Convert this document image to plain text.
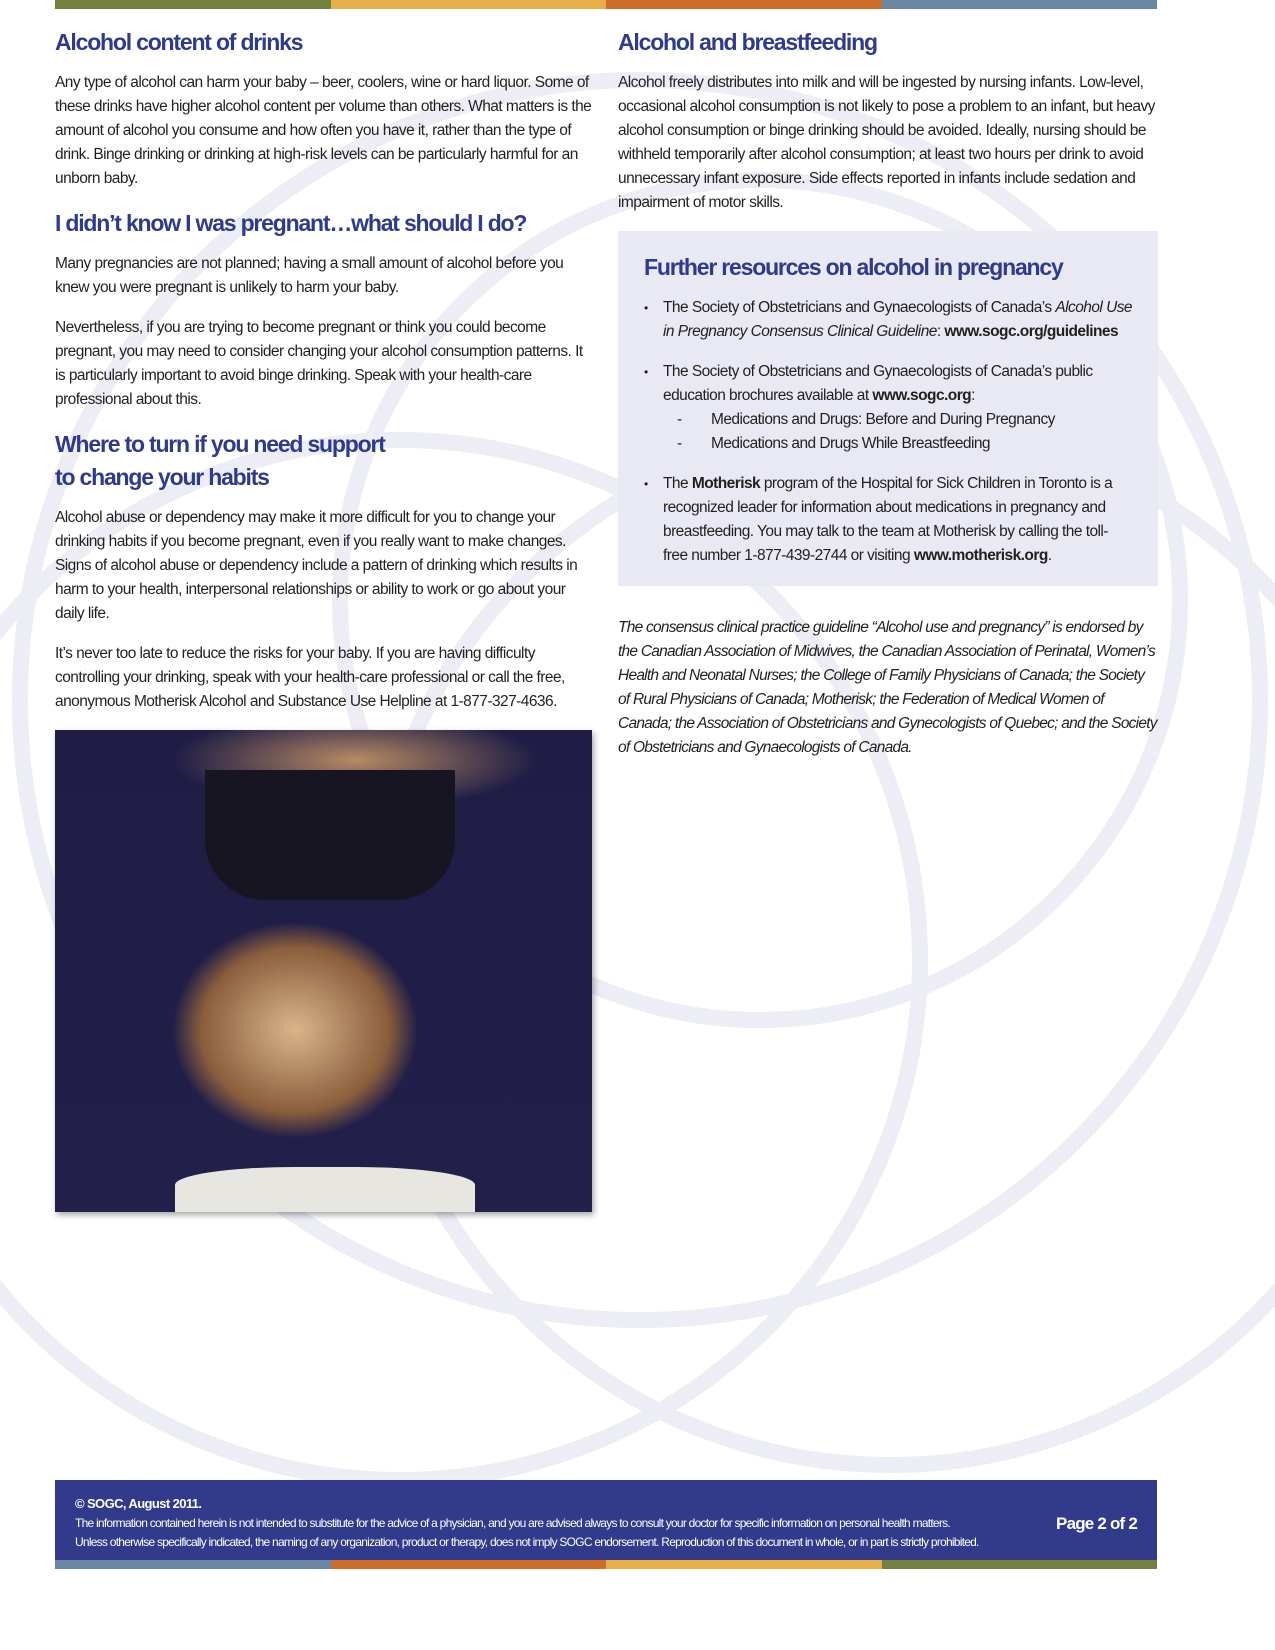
Alcohol content of drinks

Any type of alcohol can harm your baby – beer, coolers, wine or hard liquor. Some of these drinks have higher alcohol content per volume than others. What matters is the amount of alcohol you consume and how often you have it, rather than the type of drink. Binge drinking or drinking at high-risk levels can be particularly harmful for an unborn baby.

I didn’t know I was pregnant…what should I do?

Many pregnancies are not planned; having a small amount of alcohol before you knew you were pregnant is unlikely to harm your baby.

Nevertheless, if you are trying to become pregnant or think you could become pregnant, you may need to consider changing your alcohol consumption patterns. It is particularly important to avoid binge drinking. Speak with your health-care professional about this.

Where to turn if you need support
to change your habits

Alcohol abuse or dependency may make it more difficult for you to change your drinking habits if you become pregnant, even if you really want to make changes. Signs of alcohol abuse or dependency include a pattern of drinking which results in harm to your health, interpersonal relationships or ability to work or go about your daily life.

It’s never too late to reduce the risks for your baby. If you are having difficulty controlling your drinking, speak with your health-care professional or call the free, anonymous Motherisk Alcohol and Substance Use Helpline at 1-877-327-4636.

Alcohol and breastfeeding

Alcohol freely distributes into milk and will be ingested by nursing infants. Low-level, occasional alcohol consumption is not likely to pose a problem to an infant, but heavy alcohol consumption or binge drinking should be avoided. Ideally, nursing should be withheld temporarily after alcohol consumption; at least two hours per drink to avoid unnecessary infant exposure. Side effects reported in infants include sedation and impairment of motor skills.

Further resources on alcohol in pregnancy
• The Society of Obstetricians and Gynaecologists of Canada’s Alcohol Use in Pregnancy Consensus Clinical Guideline: www.sogc.org/guidelines
• The Society of Obstetricians and Gynaecologists of Canada’s public education brochures available at www.sogc.org:
- Medications and Drugs: Before and During Pregnancy
- Medications and Drugs While Breastfeeding
• The Motherisk program of the Hospital for Sick Children in Toronto is a recognized leader for information about medications in pregnancy and breastfeeding. You may talk to the team at Motherisk by calling the toll-free number 1-877-439-2744 or visiting www.motherisk.org.

The consensus clinical practice guideline “Alcohol use and pregnancy” is endorsed by the Canadian Association of Midwives, the Canadian Association of Perinatal, Women’s Health and Neonatal Nurses; the College of Family Physicians of Canada; the Society of Rural Physicians of Canada; Motherisk; the Federation of Medical Women of Canada; the Association of Obstetricians and Gynecologists of Quebec; and the Society of Obstetricians and Gynaecologists of Canada.

© SOGC, August 2011.
The information contained herein is not intended to substitute for the advice of a physician, and you are advised always to consult your doctor for specific information on personal health matters.
Unless otherwise specifically indicated, the naming of any organization, product or therapy, does not imply SOGC endorsement. Reproduction of this document in whole, or in part is strictly prohibited.
Page 2 of 2
